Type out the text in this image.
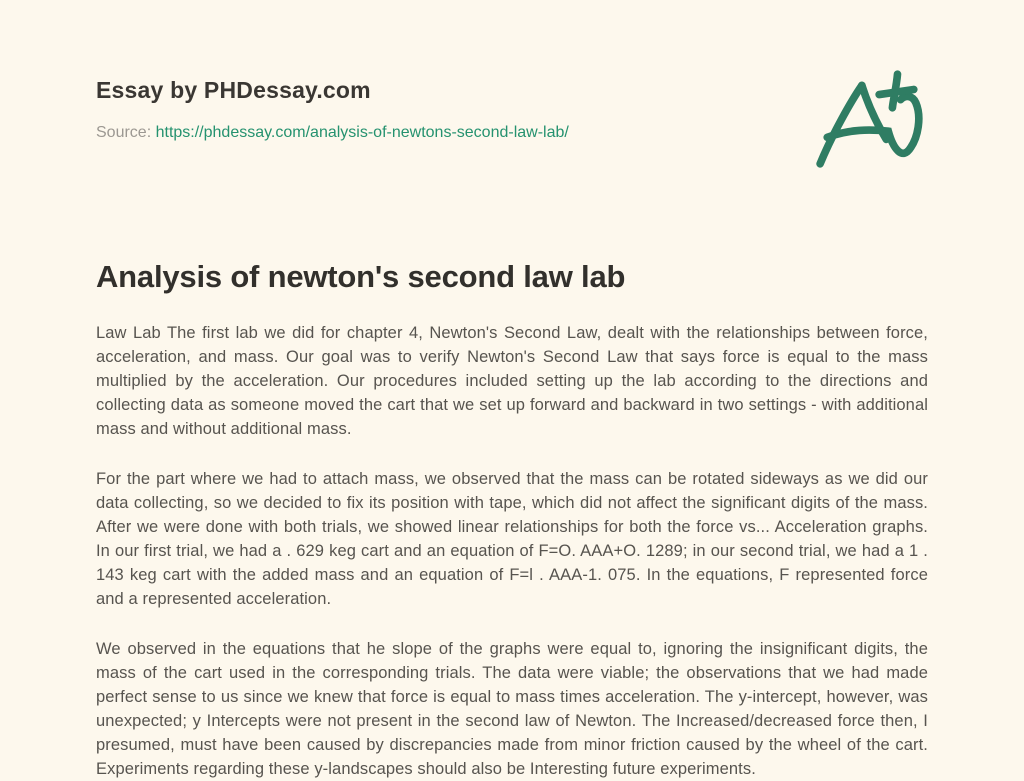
Essay by PHDessay.com

Source: https://phdessay.com/analysis-of-newtons-second-law-lab/

Analysis of newton's second law lab

Law Lab The first lab we did for chapter 4, Newton's Second Law, dealt with the relationships between force, acceleration, and mass. Our goal was to verify Newton's Second Law that says force is equal to the mass multiplied by the acceleration. Our procedures included setting up the lab according to the directions and collecting data as someone moved the cart that we set up forward and backward in two settings - with additional mass and without additional mass.

For the part where we had to attach mass, we observed that the mass can be rotated sideways as we did our data collecting, so we decided to fix its position with tape, which did not affect the significant digits of the mass. After we were done with both trials, we showed linear relationships for both the force vs... Acceleration graphs. In our first trial, we had a . 629 keg cart and an equation of F=O. AAA+O. 1289; in our second trial, we had a 1 . 143 keg cart with the added mass and an equation of F=l . AAA-1. 075. In the equations, F represented force and a represented acceleration.

We observed in the equations that he slope of the graphs were equal to, ignoring the insignificant digits, the mass of the cart used in the corresponding trials. The data were viable; the observations that we had made perfect sense to us since we knew that force is equal to mass times acceleration. The y-intercept, however, was unexpected; y Intercepts were not present in the second law of Newton. The Increased/decreased force then, I presumed, must have been caused by discrepancies made from minor friction caused by the wheel of the cart. Experiments regarding these y-landscapes should also be Interesting future experiments.
